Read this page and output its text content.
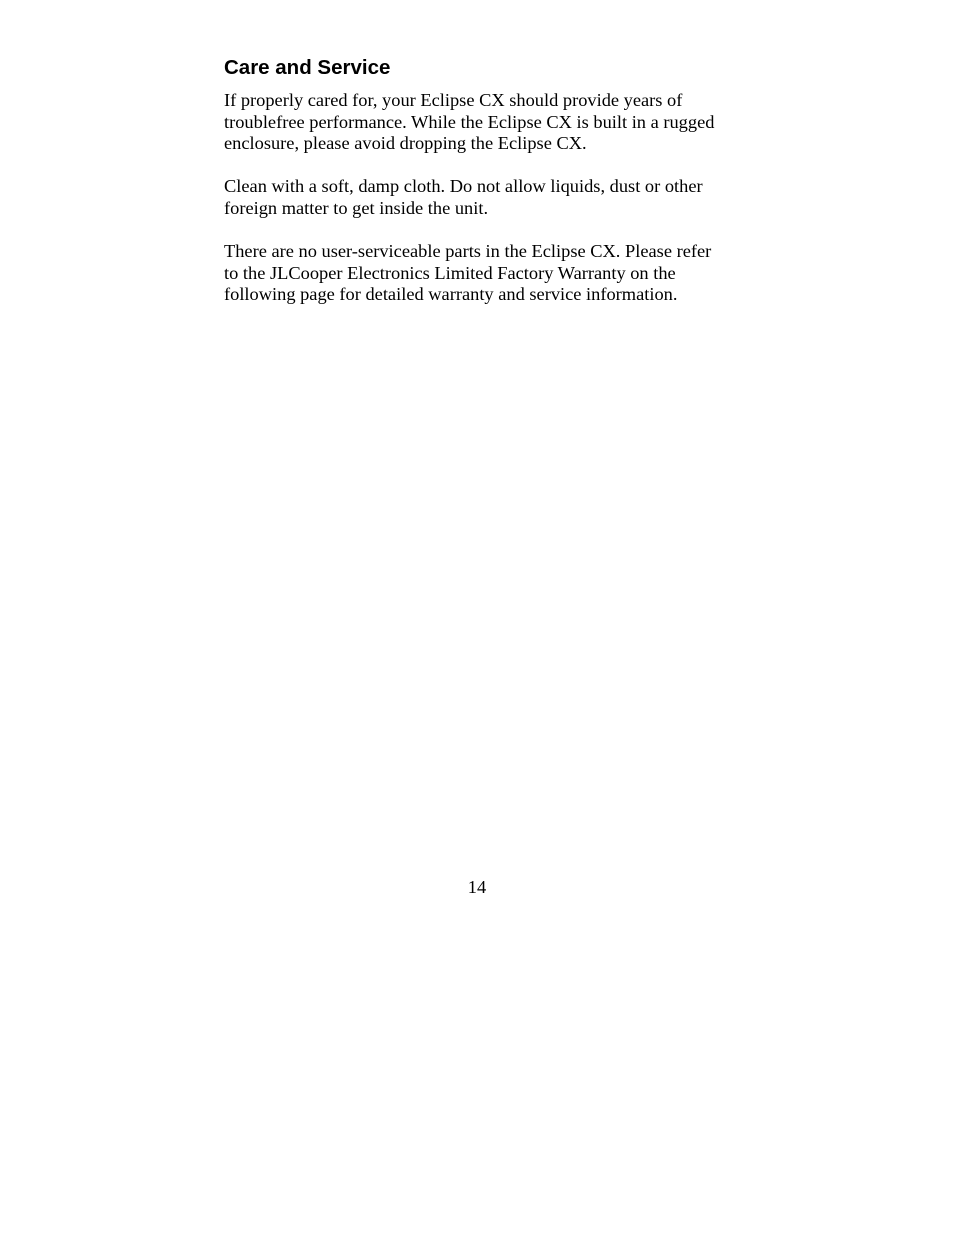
Care and Service

If properly cared for, your Eclipse CX should provide years of
troublefree performance. While the Eclipse CX is built in a rugged
enclosure, please avoid dropping the Eclipse CX.

Clean with a soft, damp cloth. Do not allow liquids, dust or other
foreign matter to get inside the unit.

There are no user-serviceable parts in the Eclipse CX. Please refer
to the JLCooper Electronics Limited Factory Warranty on the
following page for detailed warranty and service information.

14
